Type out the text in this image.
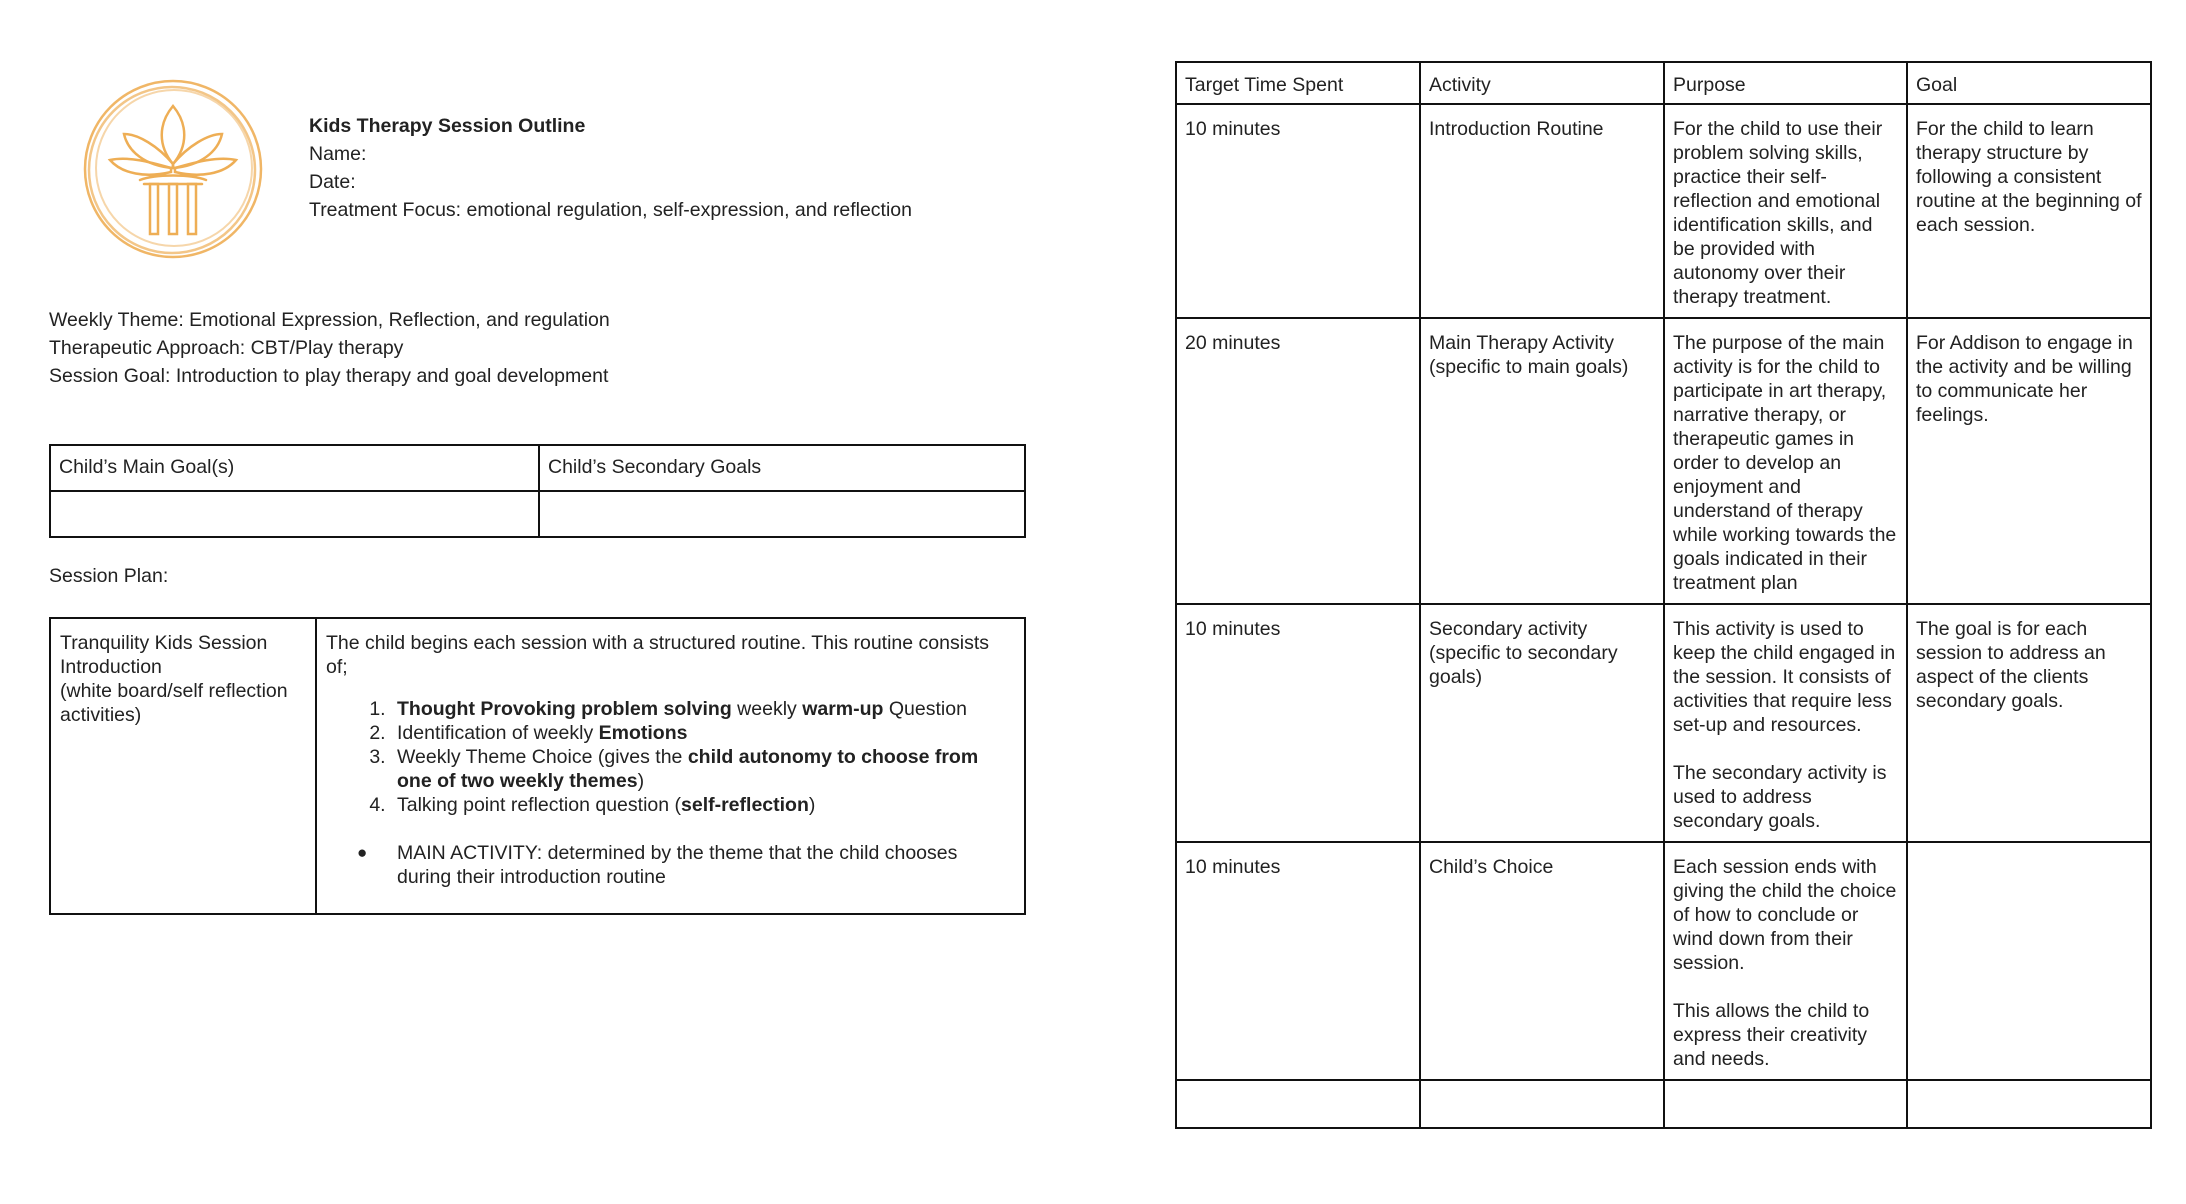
Kids Therapy Session Outline
Name:
Date:
Treatment Focus: emotional regulation, self-expression, and reflection
Weekly Theme: Emotional Expression, Reflection, and regulation
Therapeutic Approach: CBT/Play therapy
Session Goal: Introduction to play therapy and goal development
Child’s Main Goal(s)	Child’s Secondary Goals

Session Plan:
Tranquility Kids Session Introduction
(white board/self reflection activities)

The child begins each session with a structured routine. This routine consists of;
1. Thought Provoking problem solving weekly warm-up Question
2. Identification of weekly Emotions
3. Weekly Theme Choice (gives the child autonomy to choose from one of two weekly themes)
4. Talking point reflection question (self-reflection)
● MAIN ACTIVITY: determined by the theme that the child chooses during their introduction routine
Target Time Spent	Activity	Purpose	Goal
10 minutes	Introduction Routine	For the child to use their problem solving skills, practice their self-reflection and emotional identification skills, and be provided with autonomy over their therapy treatment.	For the child to learn therapy structure by following a consistent routine at the beginning of each session.
20 minutes	Main Therapy Activity (specific to main goals)	The purpose of the main activity is for the child to participate in art therapy, narrative therapy, or therapeutic games in order to develop an enjoyment and understand of therapy while working towards the goals indicated in their treatment plan	For Addison to engage in the activity and be willing to communicate her feelings.
10 minutes	Secondary activity (specific to secondary goals)	This activity is used to keep the child engaged in the session. It consists of activities that require less set-up and resources.

The secondary activity is used to address secondary goals.	The goal is for each session to address an aspect of the clients secondary goals.
10 minutes	Child’s Choice	Each session ends with giving the child the choice of how to conclude or wind down from their session.

This allows the child to express their creativity and needs.	
